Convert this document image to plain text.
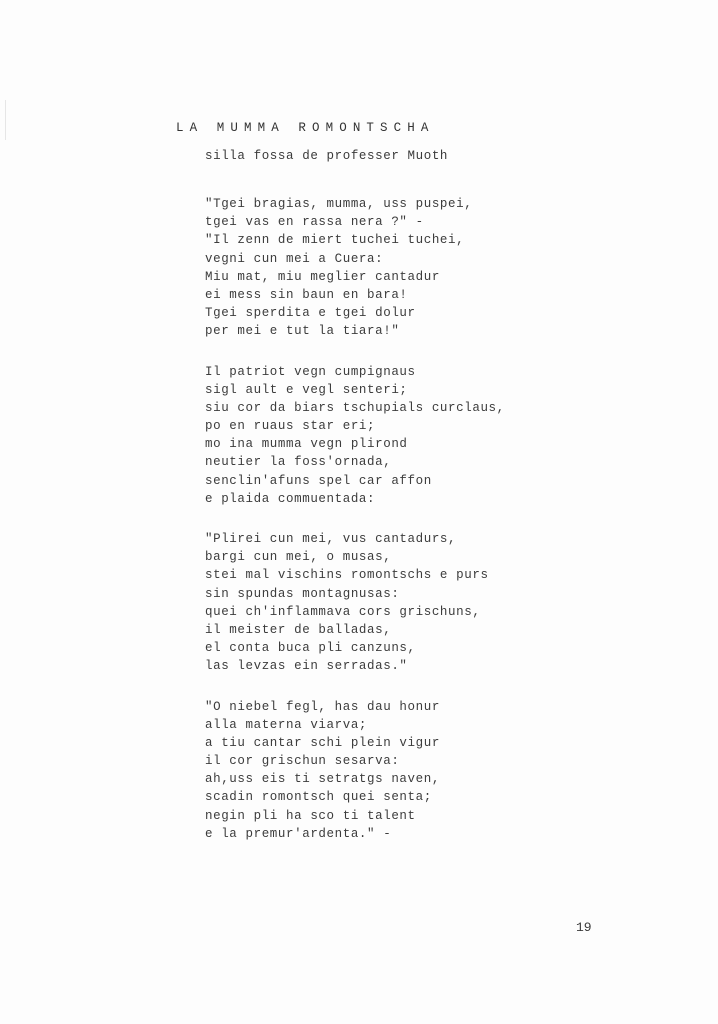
LA MUMMA ROMONTSCHA
silla fossa de professer Muoth
"Tgei bragias, mumma, uss puspei,
tgei vas en rassa nera ?" -
"Il zenn de miert tuchei tuchei,
vegni cun mei a Cuera:
Miu mat, miu meglier cantadur
ei mess sin baun en bara!
Tgei sperdita e tgei dolur
per mei e tut la tiara!"
Il patriot vegn cumpignaus
sigl ault e vegl senteri;
siu cor da biars tschupials curclaus,
po en ruaus star eri;
mo ina mumma vegn plirond
neutier la foss'ornada,
senclin'afuns spel car affon
e plaida commuentada:
"Plirei cun mei, vus cantadurs,
bargi cun mei, o musas,
stei mal vischins romontschs e purs
sin spundas montagnusas:
quei ch'inflammava cors grischuns,
il meister de balladas,
el conta buca pli canzuns,
las levzas ein serradas."
"O niebel fegl, has dau honur
alla materna viarva;
a tiu cantar schi plein vigur
il cor grischun sesarva:
ah,uss eis ti setratgs naven,
scadin romontsch quei senta;
negin pli ha sco ti talent
e la premur'ardenta." -
19
